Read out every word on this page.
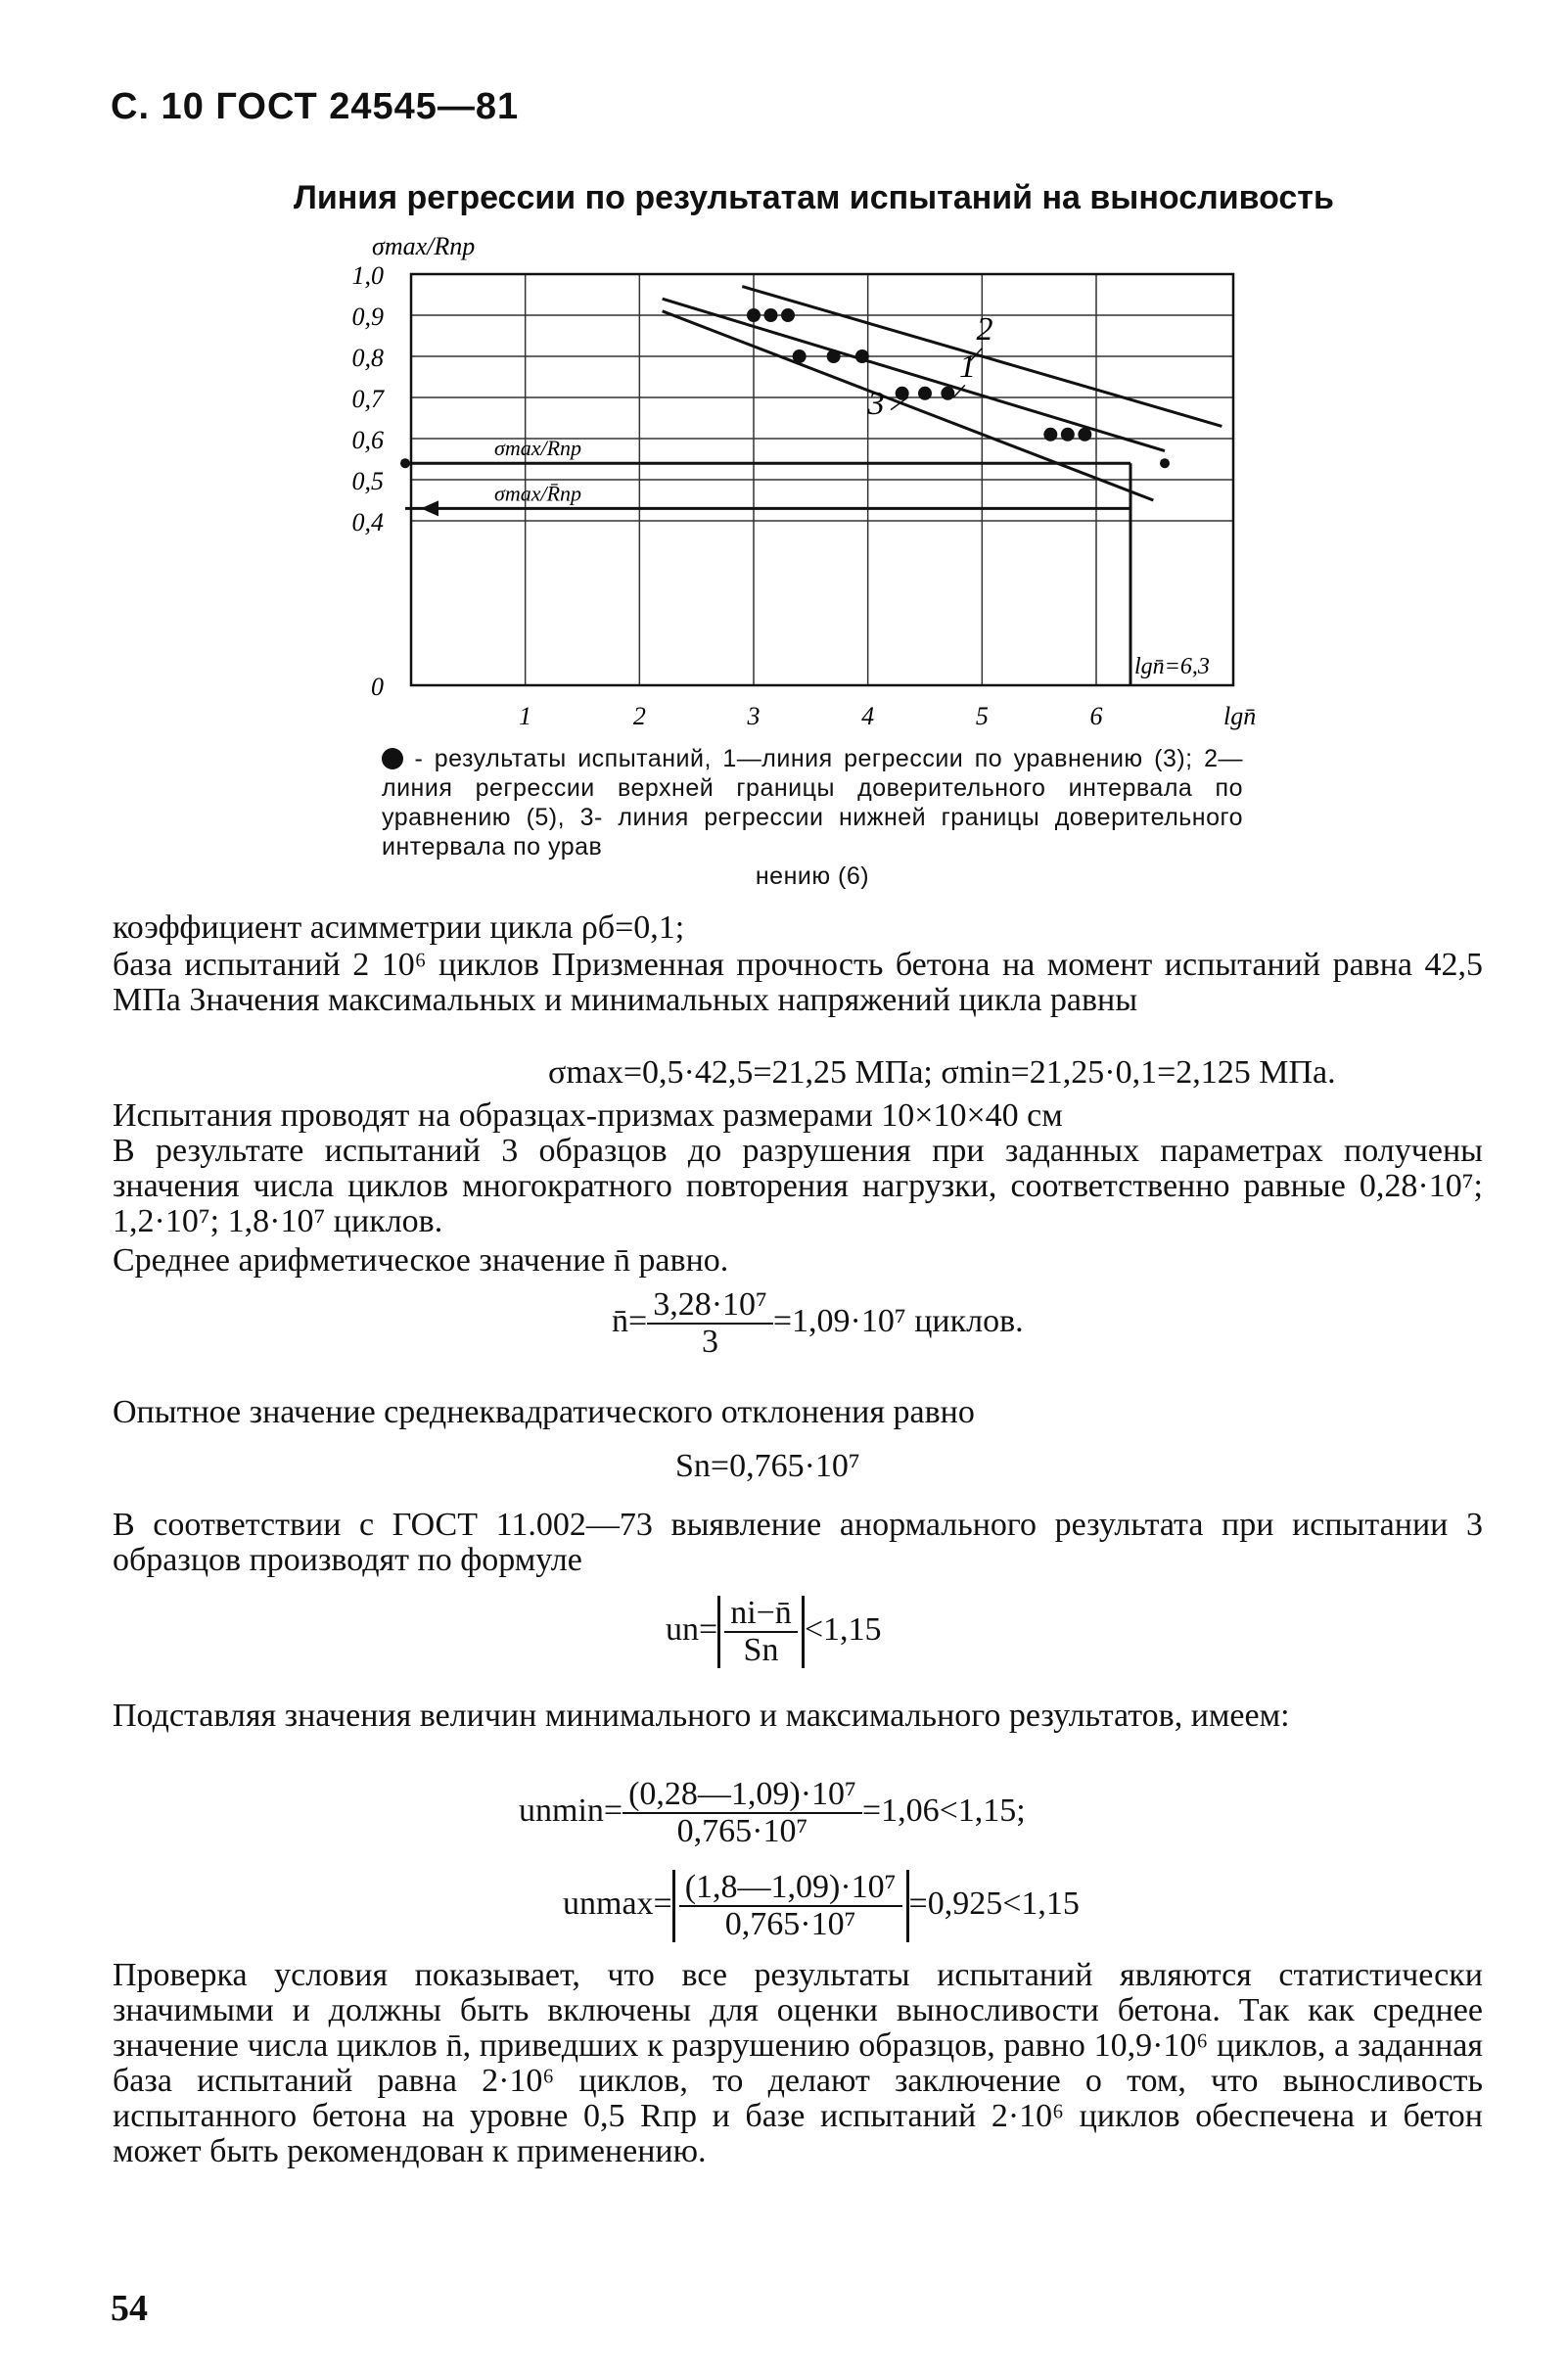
С. 10 ГОСТ 24545—81
Линия регрессии по результатам испытаний на выносливость
1,0
0,9
0,8
0,7
0,6
0,5
0,4
0
1	2	3	4	5	6
σmax/Rпр
lgn̄
σmax/Rпр
σmax/R̄пр
lgn̄=6,3
2
1
3
- результаты испытаний, 1—линия регрессии по уравнению (3); 2—линия регрессии верхней границы доверительного интервала по уравнению (5), 3- линия регрессии нижней границы доверительного интервала по урав
нению (6)
коэффициент асимметрии цикла ρб=0,1;
база испытаний 2 10⁶ циклов Призменная прочность бетона на момент испытаний равна 42,5 МПа Значения максимальных и минимальных напряжений цикла равны
σmax=0,5·42,5=21,25 МПа; σmin=21,25·0,1=2,125 МПа.
Испытания проводят на образцах-призмах размерами 10×10×40 см
В результате испытаний 3 образцов до разрушения при заданных параметрах получены значения числа циклов многократного повторения нагрузки, соответственно равные 0,28·10⁷; 1,2·10⁷; 1,8·10⁷ циклов.
Среднее арифметическое значение n̄ равно.
n̄= $\frac{\text{3,28·10⁷}}{3} =1,09\cdot 10^7$ циклов.
Опытное значение среднеквадратического отклонения равно
Sn=0,765·10⁷
В соответствии с ГОСТ 11.002—73 выявление анормального результата при испытании 3 образцов производят по формуле
$un= \frac{ni-n̄}{Sn} <1,15$
Подставляя значения величин минимального и максимального результатов, имеем:
$unmin= \frac{\text{(0,28—1,09)·10⁷}}{\text{0,765·10⁷}} =1,06<1,15$;
$unmax= \frac{\text{(1,8—1,09)·10⁷}}{\text{0,765·10⁷}} =0,925<1,15$
Проверка условия показывает, что все результаты испытаний являются статистически значимыми и должны быть включены для оценки выносливости бетона. Так как среднее значение числа циклов n̄, приведших к разрушению образцов, равно 10,9·10⁶ циклов, а заданная база испытаний равна 2·10⁶ циклов, то делают заключение о том, что выносливость испытанного бетона на уровне 0,5 Rпр и базе испытаний 2·10⁶ циклов обеспечена и бетон может быть рекомендован к применению.
54
